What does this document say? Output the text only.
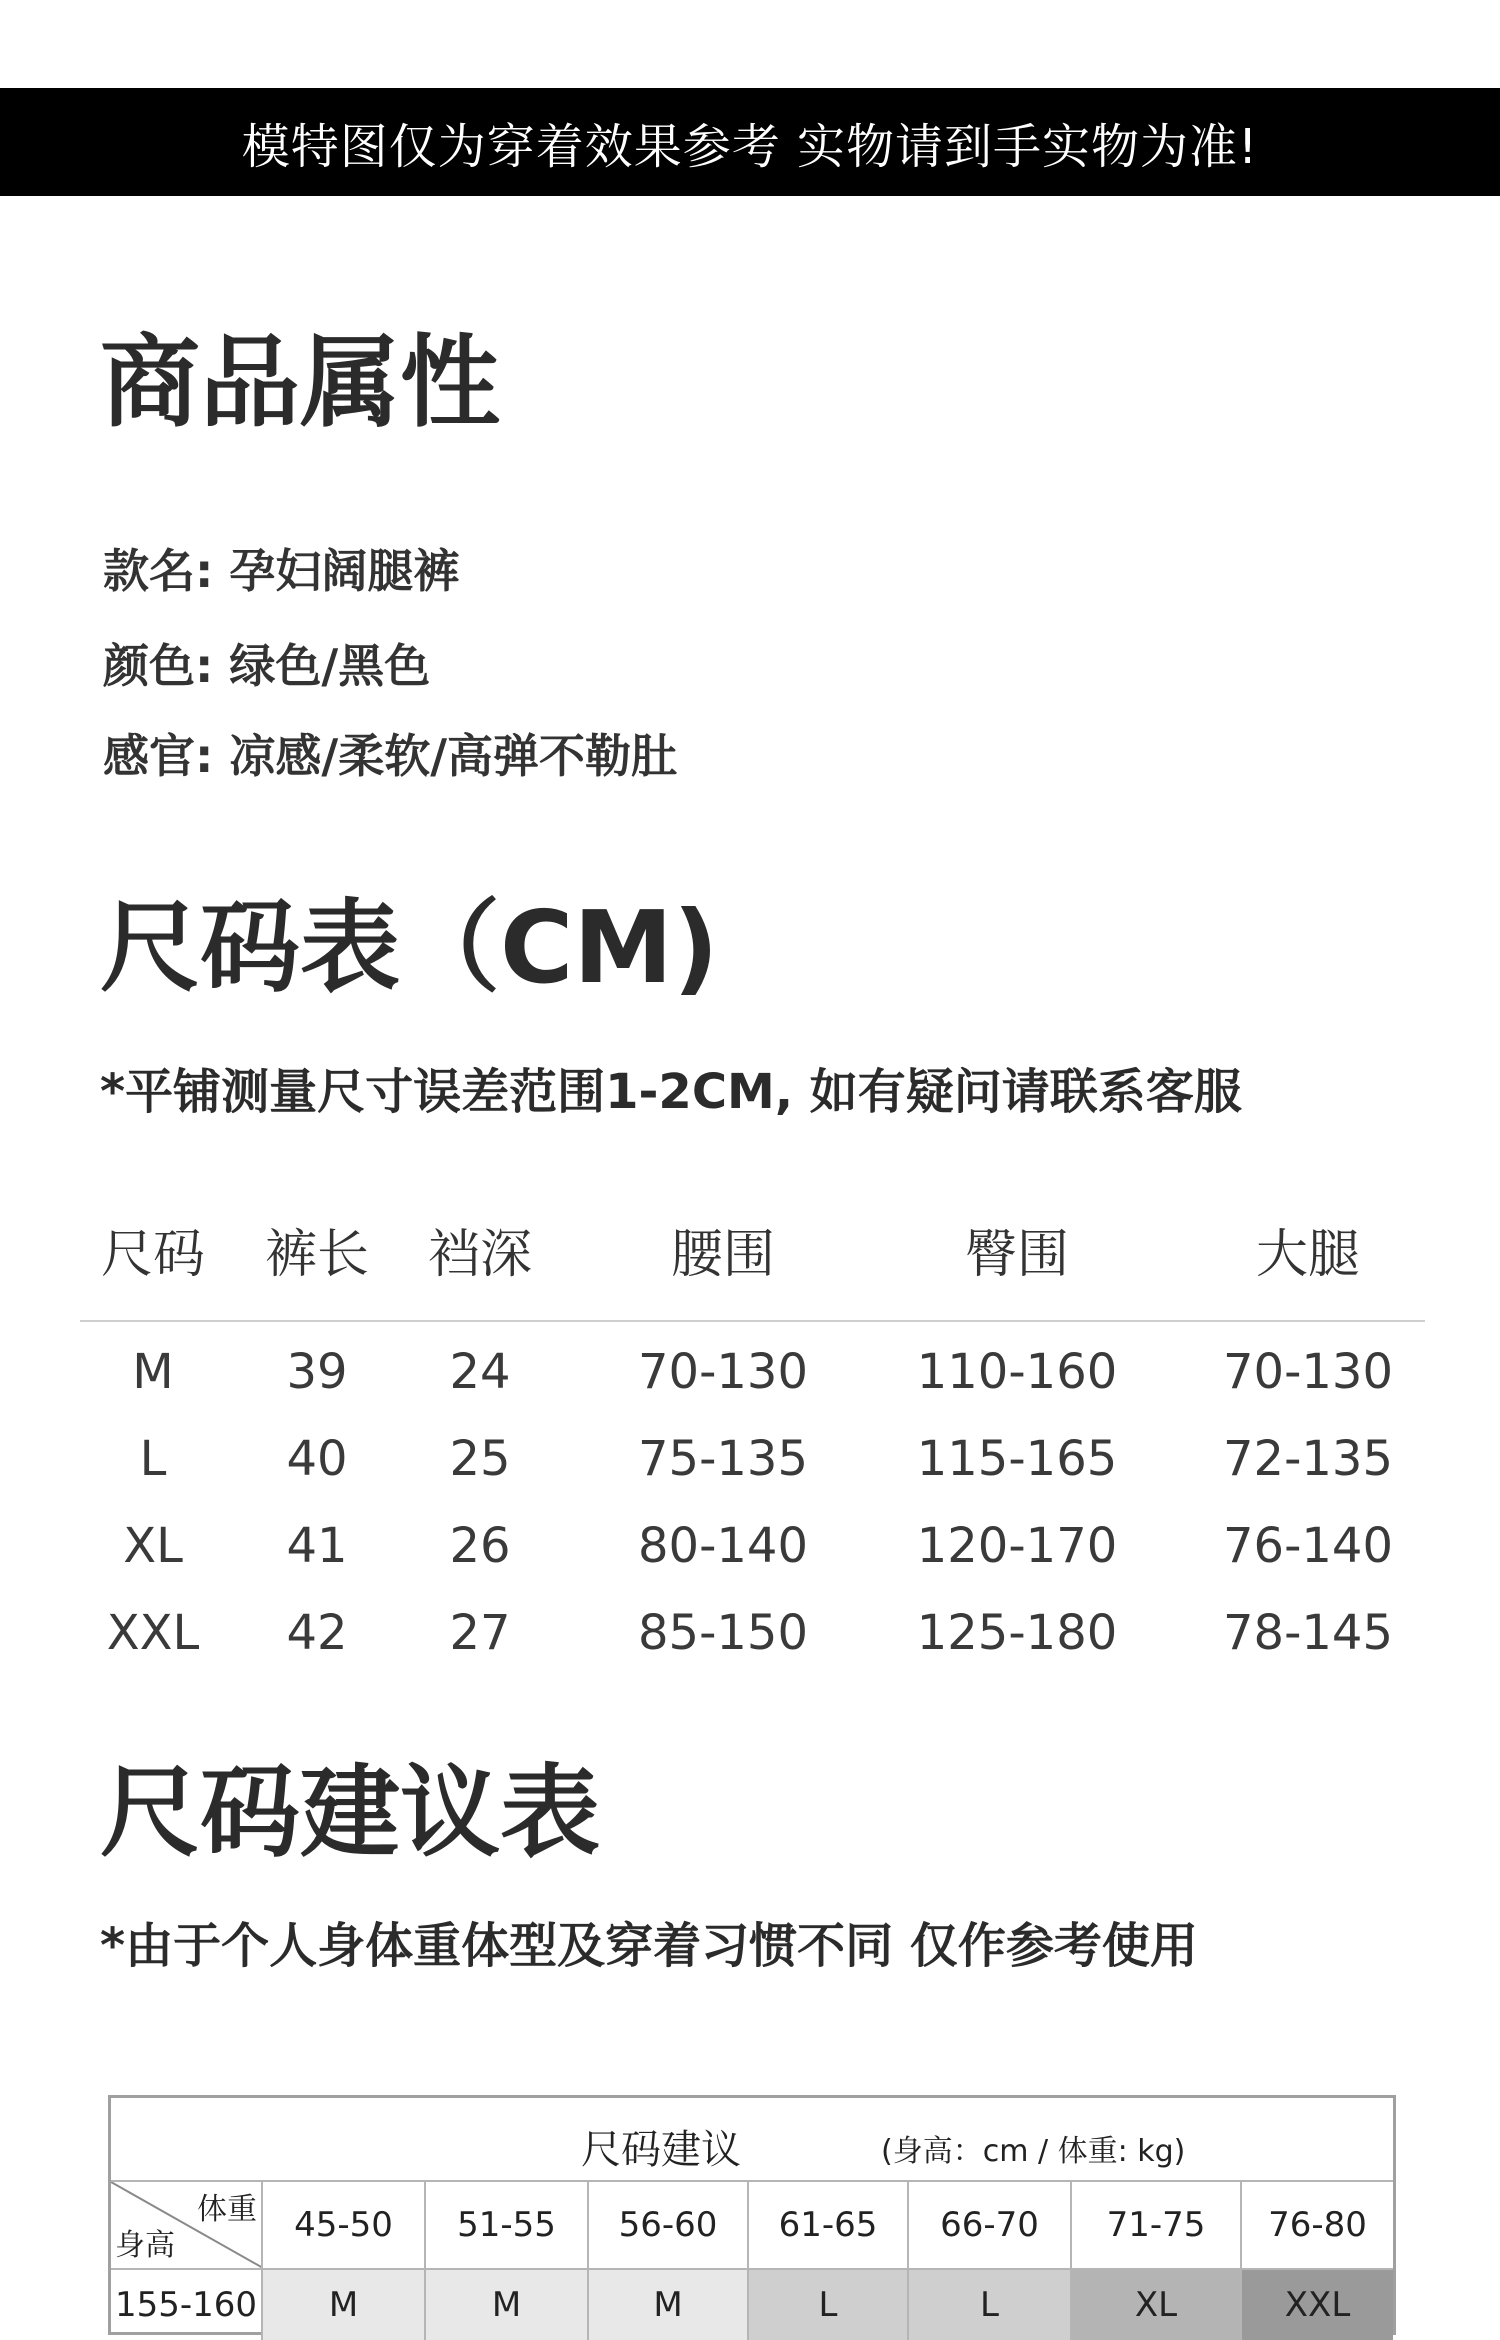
模特图仅为穿着效果参考 实物请到手实物为准!
商品属性
款名: 孕妇阔腿裤
颜色: 绿色/黑色
感官: 凉感/柔软/高弹不勒肚
尺码表（CM)
*平铺测量尺寸误差范围1-2CM, 如有疑问请联系客服
尺码 裤长 裆深	腰围	臀围	大腿
M 39 24	70-130 110-160 70-130
L	40 25	75-135 115-165 72-135
XL 41 26	80-140 120-170 76-140
XXL 42 27	85-150 125-180 78-145
尺码建议表
*由于个人身体重体型及穿着习惯不同 仅作参考使用
尺码建议	(身高：cm / 体重: kg)
体重
身高
45-50	51-55	56-60	61-65	66-70	71-75	76-80
155-160	M	M	M	L	L	XL	XXL
